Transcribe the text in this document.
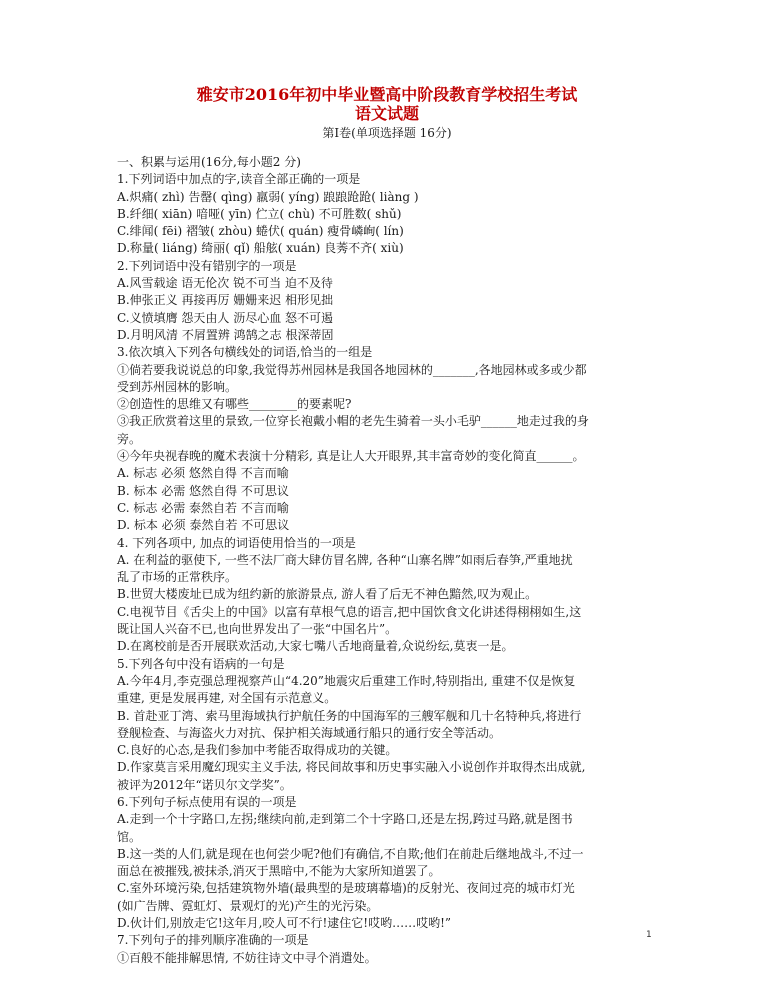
雅安市2016年初中毕业暨高中阶段教育学校招生考试

语文试题

第Ⅰ卷(单项选择题 16分)

一、积累与运用(16分,每小题2 分)

1.下列词语中加点的字,读音全部正确的一项是

A.炽痛( zhì) 告罄( qìng) 羸弱( yíng) 踉踉跄跄( liàng )

B.纤细( xiān) 喑哑( yīn) 伫立( chù) 不可胜数( shǔ)

C.绯闻( fēi) 褶皱( zhòu) 蜷伏( quán) 瘦骨嶙峋( lín)

D.称量( liáng) 绮丽( qǐ) 船舷( xuán) 良莠不齐( xiù)

2.下列词语中没有错别字的一项是

A.风雪载途 语无伦次 锐不可当 迫不及待

B.伸张正义 再接再厉 姗姗来迟 相形见拙

C.义愤填膺 怨天由人 沥尽心血 怒不可遏

D.月明风清 不屑置辨 鸿鹄之志 根深蒂固

3.依次填入下列各句横线处的词语,恰当的一组是

①倘若要我说说总的印象,我觉得苏州园林是我国各地园林的_______,各地园林或多或少都

受到苏州园林的影响。

②创造性的思维又有哪些________的要素呢?

③我正欣赏着这里的景致,一位穿长袍戴小帽的老先生骑着一头小毛驴______地走过我的身

旁。

④今年央视春晚的魔术表演十分精彩, 真是让人大开眼界,其丰富奇妙的变化简直______。

A. 标志 必须 悠然自得 不言而喻

B. 标本 必需 悠然自得 不可思议

C. 标志 必需 泰然自若 不言而喻

D. 标本 必须 泰然自若 不可思议

4. 下列各项中, 加点的词语使用恰当的一项是

A. 在利益的驱使下, 一些不法厂商大肆仿冒名牌, 各种“山寨名牌”如雨后春笋,严重地扰

乱了市场的正常秩序。

B.世贸大楼废址已成为纽约新的旅游景点, 游人看了后无不神色黯然,叹为观止。

C.电视节目《舌尖上的中国》以富有草根气息的语言,把中国饮食文化讲述得栩栩如生,这

既让国人兴奋不已,也向世界发出了一张“中国名片”。

D.在离校前是否开展联欢活动,大家七嘴八舌地商量着,众说纷纭,莫衷一是。

5.下列各句中没有语病的一句是

A.今年4月,李克强总理视察芦山“4.20”地震灾后重建工作时,特别指出, 重建不仅是恢复

重建, 更是发展再建, 对全国有示范意义。

B. 首赴亚丁湾、索马里海域执行护航任务的中国海军的三艘军舰和几十名特种兵,将进行

登舰检查、与海盗火力对抗、保护相关海域通行船只的通行安全等活动。

C.良好的心态,是我们参加中考能否取得成功的关键。

D.作家莫言采用魔幻现实主义手法, 将民间故事和历史事实融入小说创作并取得杰出成就,

被评为2012年“诺贝尔文学奖”。

6.下列句子标点使用有误的一项是

A.走到一个十字路口,左拐;继续向前,走到第二个十字路口,还是左拐,跨过马路,就是图书

馆。

B.这一类的人们,就是现在也何尝少呢?他们有确信,不自欺;他们在前赴后继地战斗,不过一

面总在被摧残,被抹杀,消灭于黑暗中,不能为大家所知道罢了。

C.室外环境污染,包括建筑物外墙(最典型的是玻璃幕墙)的反射光、夜间过亮的城市灯光

(如广告牌、霓虹灯、景观灯的光)产生的光污染。

D.伙计们,别放走它!这年月,咬人可不行!逮住它!哎哟……哎哟!”

7.下列句子的排列顺序准确的一项是

①百般不能排解思情, 不妨往诗文中寻个消遣处。

1
